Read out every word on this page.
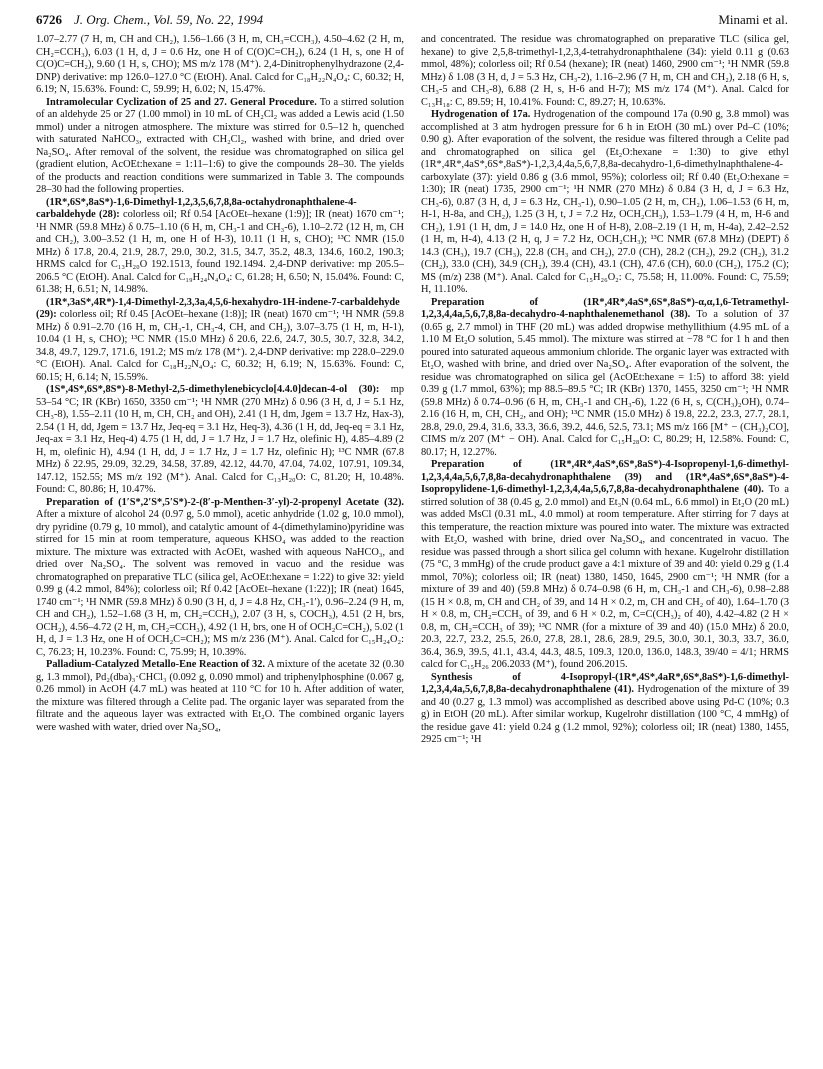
6726 J. Org. Chem., Vol. 59, No. 22, 1994	Minami et al.

1.07–2.77 (7 H, m, CH and CH₂), 1.56–1.66 (3 H, m, CH₃=CCH₃), 4.50–4.62 (2 H, m, CH₂=CCH₃), 6.03 (1 H, d, J = 0.6 Hz, one H of C(O)C=CH₂), 6.24 (1 H, s, one H of C(O)C=CH₂), 9.60 (1 H, s, CHO); MS m/z 178 (M⁺). 2,4-Dinitrophenylhydrazone (2,4-DNP) derivative: mp 126.0–127.0 °C (EtOH). Anal. Calcd for C₁₈H₂₂N₄O₄: C, 60.32; H, 6.19; N, 15.63%. Found: C, 59.99; H, 6.02; N, 15.47%.

Intramolecular Cyclization of 25 and 27. General Procedure. To a stirred solution of an aldehyde 25 or 27 (1.00 mmol) in 10 mL of CH₂Cl₂ was added a Lewis acid (1.50 mmol) under a nitrogen atmosphere. The mixture was stirred for 0.5–12 h, quenched with saturated NaHCO₃, extracted with CH₂Cl₂, washed with brine, and dried over Na₂SO₄. After removal of the solvent, the residue was chromatographed on silica gel (gradient elution, AcOEt:hexane = 1:11–1:6) to give the compounds 28–30. The yields of the products and reaction conditions were summarized in Table 3. The compounds 28–30 had the following properties.

(1R*,6S*,8aS*)-1,6-Dimethyl-1,2,3,5,6,7,8,8a-octahydronaphthalene-4-carbaldehyde (28): colorless oil; Rf 0.54 [AcOEt–hexane (1:9)]; IR (neat) 1670 cm⁻¹; ¹H NMR (59.8 MHz) δ 0.75–1.10 (6 H, m, CH₃-1 and CH₃-6), 1.10–2.72 (12 H, m, CH and CH₂), 3.00–3.52 (1 H, m, one H of H-3), 10.11 (1 H, s, CHO); ¹³C NMR (15.0 MHz) δ 17.8, 20.4, 21.9, 28.7, 29.0, 30.2, 31.5, 34.7, 35.2, 48.3, 134.6, 160.2, 190.3; HRMS calcd for C₁₃H₂₀O 192.1513, found 192.1494. 2,4-DNP derivative: mp 205.5–206.5 °C (EtOH). Anal. Calcd for C₁₉H₂₄N₄O₄: C, 61.28; H, 6.50; N, 15.04%. Found: C, 61.38; H, 6.51; N, 14.98%.

(1R*,3aS*,4R*)-1,4-Dimethyl-2,3,3a,4,5,6-hexahydro-1H-indene-7-carbaldehyde (29): colorless oil; Rf 0.45 [AcOEt–hexane (1:8)]; IR (neat) 1670 cm⁻¹; ¹H NMR (59.8 MHz) δ 0.91–2.70 (16 H, m, CH₃-1, CH₃-4, CH, and CH₂), 3.07–3.75 (1 H, m, H-1), 10.04 (1 H, s, CHO); ¹³C NMR (15.0 MHz) δ 20.6, 22.6, 24.7, 30.5, 30.7, 32.8, 34.2, 34.8, 49.7, 129.7, 171.6, 191.2; MS m/z 178 (M⁺). 2,4-DNP derivative: mp 228.0–229.0 °C (EtOH). Anal. Calcd for C₁₈H₂₂N₄O₄: C, 60.32; H, 6.19; N, 15.63%. Found: C, 60.15; H, 6.14; N, 15.59%.

(1S*,4S*,6S*,8S*)-8-Methyl-2,5-dimethylenebicyclo[4.4.0]decan-4-ol (30): mp 53–54 °C; IR (KBr) 1650, 3350 cm⁻¹; ¹H NMR (270 MHz) δ 0.96 (3 H, d, J = 5.1 Hz, CH₃-8), 1.55–2.11 (10 H, m, CH, CH₂ and OH), 2.41 (1 H, dm, Jgem = 13.7 Hz, Hax-3), 2.54 (1 H, dd, Jgem = 13.7 Hz, Jeq-eq = 3.1 Hz, Heq-3), 4.36 (1 H, dd, Jeq-eq = 3.1 Hz, Jeq-ax = 3.1 Hz, Heq-4) 4.75 (1 H, dd, J = 1.7 Hz, J = 1.7 Hz, olefinic H), 4.85–4.89 (2 H, m, olefinic H), 4.94 (1 H, dd, J = 1.7 Hz, J = 1.7 Hz, olefinic H); ¹³C NMR (67.8 MHz) δ 22.95, 29.09, 32.29, 34.58, 37.89, 42.12, 44.70, 47.04, 74.02, 107.91, 109.34, 147.12, 152.55; MS m/z 192 (M⁺). Anal. Calcd for C₁₃H₂₀O: C, 81.20; H, 10.48%. Found: C, 80.86; H, 10.47%.

Preparation of (1′S*,2′S*,5′S*)-2-(8′-p-Menthen-3′-yl)-2-propenyl Acetate (32). After a mixture of alcohol 24 (0.97 g, 5.0 mmol), acetic anhydride (1.02 g, 10.0 mmol), dry pyridine (0.79 g, 10 mmol), and catalytic amount of 4-(dimethylamino)pyridine was stirred for 15 min at room temperature, aqueous KHSO₄ was added to the reaction mixture. The mixture was extracted with AcOEt, washed with aqueous NaHCO₃, and dried over Na₂SO₄. The solvent was removed in vacuo and the residue was chromatographed on preparative TLC (silica gel, AcOEt:hexane = 1:22) to give 32: yield 0.99 g (4.2 mmol, 84%); colorless oil; Rf 0.42 [AcOEt–hexane (1:22)]; IR (neat) 1645, 1740 cm⁻¹; ¹H NMR (59.8 MHz) δ 0.90 (3 H, d, J = 4.8 Hz, CH₃-1′), 0.96–2.24 (9 H, m, CH and CH₂), 1.52–1.68 (3 H, m, CH₂=CCH₃), 2.07 (3 H, s, COCH₃), 4.51 (2 H, brs, OCH₂), 4.56–4.72 (2 H, m, CH₂=CCH₃), 4.92 (1 H, brs, one H of OCH₂C=CH₂), 5.02 (1 H, d, J = 1.3 Hz, one H of OCH₂C=CH₂); MS m/z 236 (M⁺). Anal. Calcd for C₁₅H₂₄O₂: C, 76.23; H, 10.23%. Found: C, 75.99; H, 10.39%.

Palladium-Catalyzed Metallo-Ene Reaction of 32. A mixture of the acetate 32 (0.30 g, 1.3 mmol), Pd₂(dba)₃·CHCl₃ (0.092 g, 0.090 mmol) and triphenylphosphine (0.067 g, 0.26 mmol) in AcOH (4.7 mL) was heated at 110 °C for 10 h. After addition of water, the mixture was filtered through a Celite pad. The organic layer was separated from the filtrate and the aqueous layer was extracted with Et₂O. The combined organic layers were washed with water, dried over Na₂SO₄,

and concentrated. The residue was chromatographed on preparative TLC (silica gel, hexane) to give 2,5,8-trimethyl-1,2,3,4-tetrahydronaphthalene (34): yield 0.11 g (0.63 mmol, 48%); colorless oil; Rf 0.54 (hexane); IR (neat) 1460, 2900 cm⁻¹; ¹H NMR (59.8 MHz) δ 1.08 (3 H, d, J = 5.3 Hz, CH₃-2), 1.16–2.96 (7 H, m, CH and CH₂), 2.18 (6 H, s, CH₃-5 and CH₃-8), 6.88 (2 H, s, H-6 and H-7); MS m/z 174 (M⁺). Anal. Calcd for C₁₃H₁₈: C, 89.59; H, 10.41%. Found: C, 89.27; H, 10.63%.

Hydrogenation of 17a. Hydrogenation of the compound 17a (0.90 g, 3.8 mmol) was accomplished at 3 atm hydrogen pressure for 6 h in EtOH (30 mL) over Pd–C (10%; 0.90 g). After evaporation of the solvent, the residue was filtered through a Celite pad and chromatographed on silica gel (Et₂O:hexane = 1:30) to give ethyl (1R*,4R*,4aS*,6S*,8aS*)-1,2,3,4,4a,5,6,7,8,8a-decahydro-1,6-dimethylnaphthalene-4-carboxylate (37): yield 0.86 g (3.6 mmol, 95%); colorless oil; Rf 0.40 (Et₂O:hexane = 1:30); IR (neat) 1735, 2900 cm⁻¹; ¹H NMR (270 MHz) δ 0.84 (3 H, d, J = 6.3 Hz, CH₃-6), 0.87 (3 H, d, J = 6.3 Hz, CH₃-1), 0.90–1.05 (2 H, m, CH₂), 1.06–1.53 (6 H, m, H-1, H-8a, and CH₂), 1.25 (3 H, t, J = 7.2 Hz, OCH₂CH₃), 1.53–1.79 (4 H, m, H-6 and CH₂), 1.91 (1 H, dm, J = 14.0 Hz, one H of H-8), 2.08–2.19 (1 H, m, H-4a), 2.42–2.52 (1 H, m, H-4), 4.13 (2 H, q, J = 7.2 Hz, OCH₂CH₃); ¹³C NMR (67.8 MHz) (DEPT) δ 14.3 (CH₃), 19.7 (CH₃), 22.8 (CH₃ and CH₂), 27.0 (CH), 28.2 (CH₂), 29.2 (CH₂), 31.2 (CH₂), 33.0 (CH), 34.9 (CH₂), 39.4 (CH), 43.1 (CH), 47.6 (CH), 60.0 (CH₂), 175.2 (C); MS (m/z) 238 (M⁺). Anal. Calcd for C₁₅H₂₆O₂: C, 75.58; H, 11.00%. Found: C, 75.59; H, 11.10%.

Preparation of (1R*,4R*,4aS*,6S*,8aS*)-α,α,1,6-Tetramethyl-1,2,3,4,4a,5,6,7,8,8a-decahydro-4-naphthalenemethanol (38). To a solution of 37 (0.65 g, 2.7 mmol) in THF (20 mL) was added dropwise methyllithium (4.95 mL of a 1.10 M Et₂O solution, 5.45 mmol). The mixture was stirred at −78 °C for 1 h and then poured into saturated aqueous ammonium chloride. The organic layer was extracted with Et₂O, washed with brine, and dried over Na₂SO₄. After evaporation of the solvent, the residue was chromatographed on silica gel (AcOEt:hexane = 1:5) to afford 38: yield 0.39 g (1.7 mmol, 63%); mp 88.5–89.5 °C; IR (KBr) 1370, 1455, 3250 cm⁻¹; ¹H NMR (59.8 MHz) δ 0.74–0.96 (6 H, m, CH₃-1 and CH₃-6), 1.22 (6 H, s, C(CH₃)₂OH), 0.74–2.16 (16 H, m, CH, CH₂, and OH); ¹³C NMR (15.0 MHz) δ 19.8, 22.2, 23.3, 27.7, 28.1, 28.8, 29.0, 29.4, 31.6, 33.3, 36.6, 39.2, 44.6, 52.5, 73.1; MS m/z 166 [M⁺ − (CH₃)₂CO], CIMS m/z 207 (M⁺ − OH). Anal. Calcd for C₁₅H₂₈O: C, 80.29; H, 12.58%. Found: C, 80.17; H, 12.27%.

Preparation of (1R*,4R*,4aS*,6S*,8aS*)-4-Isopropenyl-1,6-dimethyl-1,2,3,4,4a,5,6,7,8,8a-decahydronaphthalene (39) and (1R*,4aS*,6S*,8aS*)-4-Isopropylidene-1,6-dimethyl-1,2,3,4,4a,5,6,7,8,8a-decahydronaphthalene (40). To a stirred solution of 38 (0.45 g, 2.0 mmol) and Et₃N (0.64 mL, 6.6 mmol) in Et₂O (20 mL) was added MsCl (0.31 mL, 4.0 mmol) at room temperature. After stirring for 7 days at this temperature, the reaction mixture was poured into water. The mixture was extracted with Et₂O, washed with brine, dried over Na₂SO₄, and concentrated in vacuo. The residue was passed through a short silica gel column with hexane. Kugelrohr distillation (75 °C, 3 mmHg) of the crude product gave a 4:1 mixture of 39 and 40: yield 0.29 g (1.4 mmol, 70%); colorless oil; IR (neat) 1380, 1450, 1645, 2900 cm⁻¹; ¹H NMR (for a mixture of 39 and 40) (59.8 MHz) δ 0.74–0.98 (6 H, m, CH₃-1 and CH₃-6), 0.98–2.88 (15 H × 0.8, m, CH and CH₂ of 39, and 14 H × 0.2, m, CH and CH₂ of 40), 1.64–1.70 (3 H × 0.8, m, CH₂=CCH₃ of 39, and 6 H × 0.2, m, C=C(CH₃)₂ of 40), 4.42–4.82 (2 H × 0.8, m, CH₂=CCH₃ of 39); ¹³C NMR (for a mixture of 39 and 40) (15.0 MHz) δ 20.0, 20.3, 22.7, 23.2, 25.5, 26.0, 27.8, 28.1, 28.6, 28.9, 29.5, 30.0, 30.1, 30.3, 33.7, 36.0, 36.4, 36.9, 39.5, 41.1, 43.4, 44.3, 48.5, 109.3, 120.0, 136.0, 148.3, 39/40 = 4/1; HRMS calcd for C₁₅H₂₆ 206.2033 (M⁺), found 206.2015.

Synthesis of 4-Isopropyl-(1R*,4S*,4aR*,6S*,8aS*)-1,6-dimethyl-1,2,3,4,4a,5,6,7,8,8a-decahydronaphthalene (41). Hydrogenation of the mixture of 39 and 40 (0.27 g, 1.3 mmol) was accomplished as described above using Pd-C (10%; 0.3 g) in EtOH (20 mL). After similar workup, Kugelrohr distillation (100 °C, 4 mmHg) of the residue gave 41: yield 0.24 g (1.2 mmol, 92%); colorless oil; IR (neat) 1380, 1455, 2925 cm⁻¹; ¹H
